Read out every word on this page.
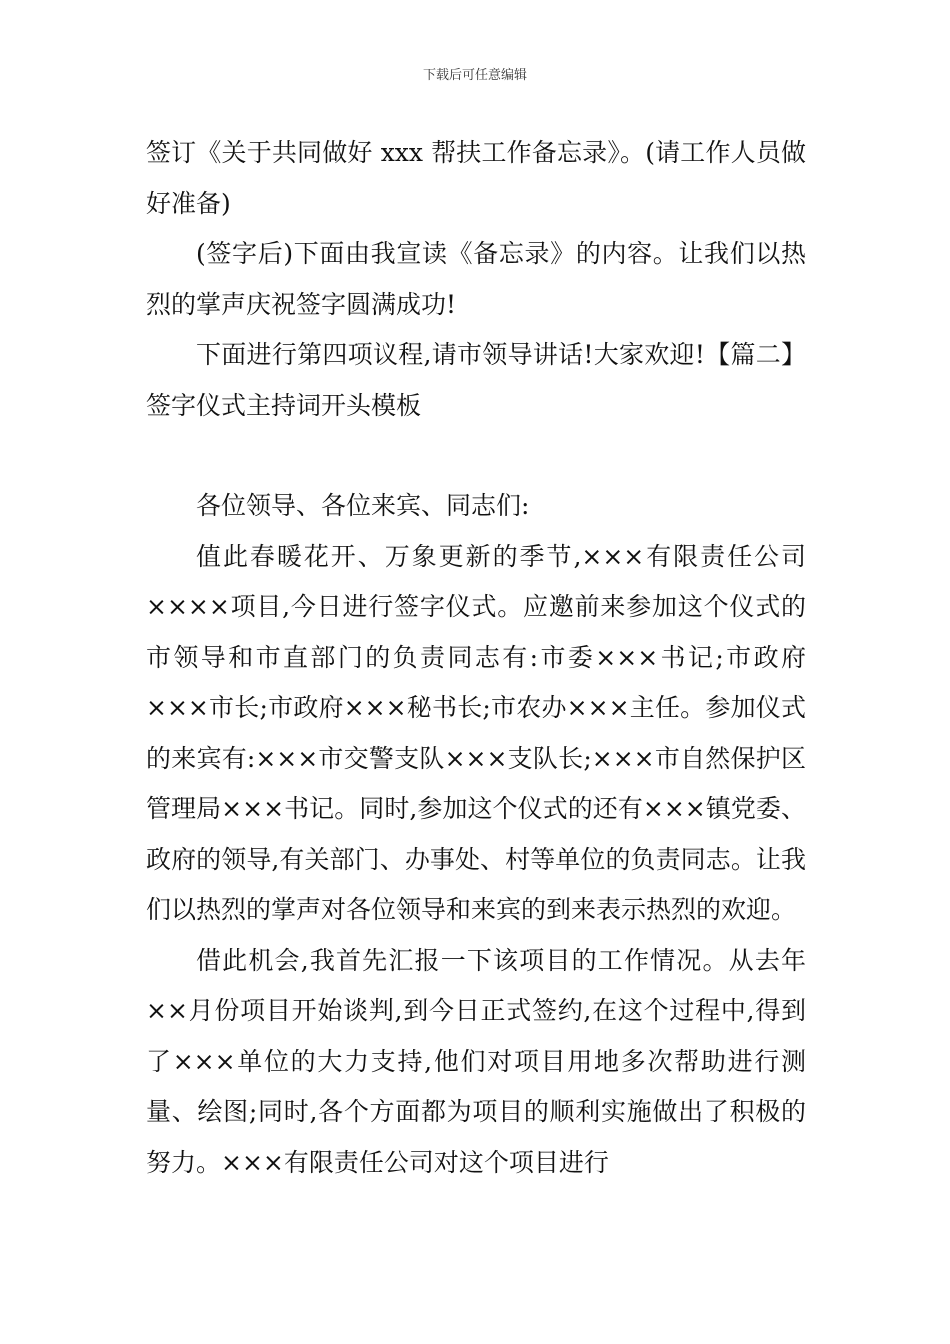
下载后可任意编辑

签订《关于共同做好 xxx 帮扶工作备忘录》。(请工作人员做好准备)

(签字后)下面由我宣读《备忘录》的内容。让我们以热烈的掌声庆祝签字圆满成功!

下面进行第四项议程,请市领导讲话!大家欢迎!【篇二】签字仪式主持词开头模板

各位领导、各位来宾、同志们:

值此春暖花开、万象更新的季节,×××有限责任公司××××项目,今日进行签字仪式。应邀前来参加这个仪式的市领导和市直部门的负责同志有:市委×××书记;市政府×××市长;市政府×××秘书长;市农办×××主任。参加仪式的来宾有:×××市交警支队×××支队长;×××市自然保护区管理局×××书记。同时,参加这个仪式的还有×××镇党委、政府的领导,有关部门、办事处、村等单位的负责同志。让我们以热烈的掌声对各位领导和来宾的到来表示热烈的欢迎。

借此机会,我首先汇报一下该项目的工作情况。从去年××月份项目开始谈判,到今日正式签约,在这个过程中,得到了×××单位的大力支持,他们对项目用地多次帮助进行测量、绘图;同时,各个方面都为项目的顺利实施做出了积极的努力。×××有限责任公司对这个项目进行
